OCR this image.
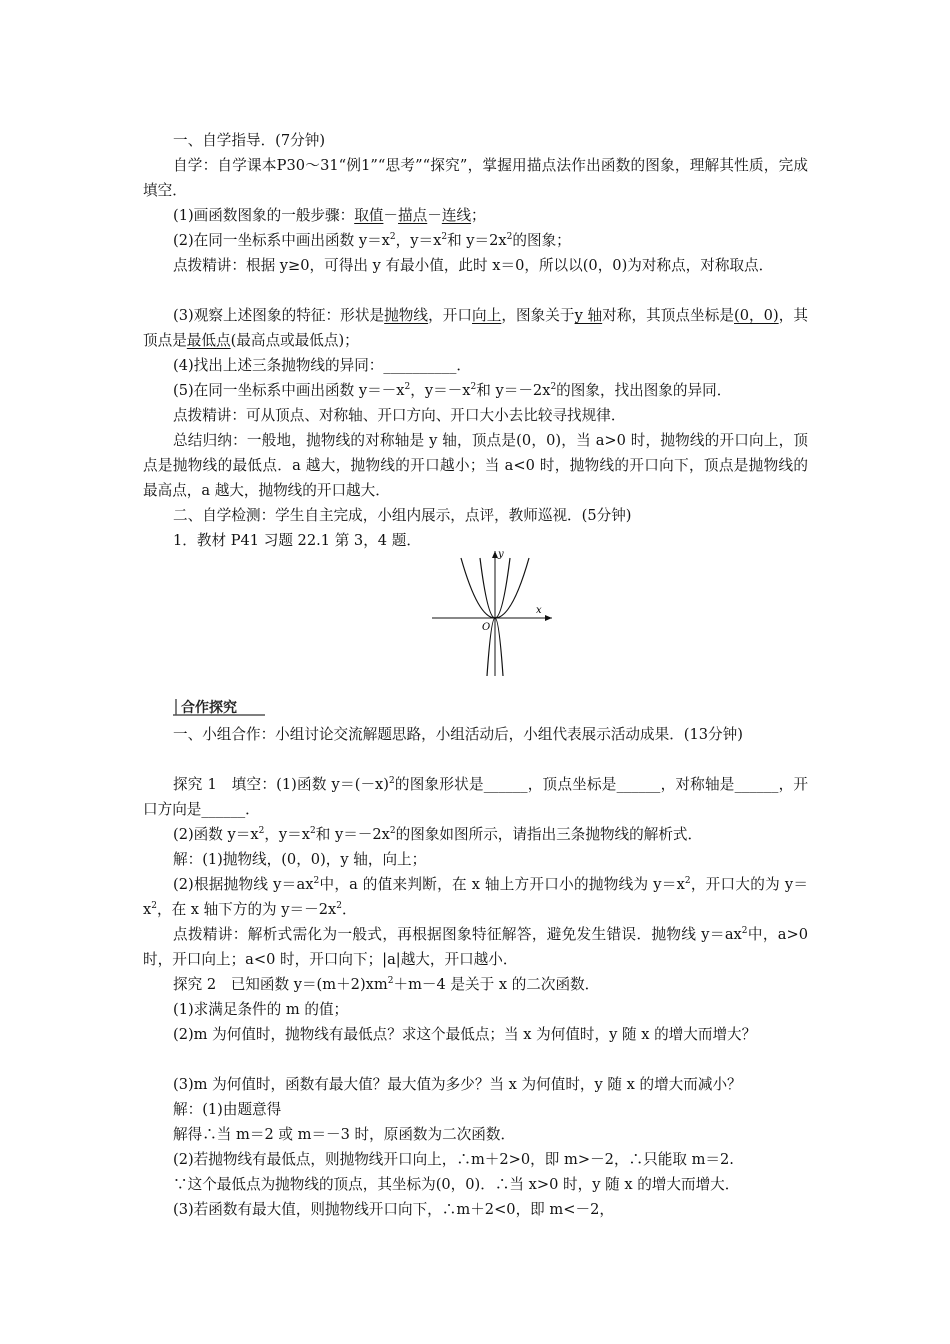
一、自学指导．(7分钟)
自学：自学课本P30～31“例1”“思考”“探究”，掌握用描点法作出函数的图象，理解其性质，完成填空．
(1)画函数图象的一般步骤：取值－描点－连线；
(2)在同一坐标系中画出函数 $y=x^2$，$y=x^2$和 $y=2x^2$的图象；
点拨精讲：根据 y≥0，可得出 y 有最小值，此时 x＝0，所以以(0，0)为对称点，对称取点．
(3)观察上述图象的特征：形状是抛物线，开口向上，图象关于y 轴对称，其顶点坐标是(0，0)，其顶点是最低点(最高点或最低点)；
(4)找出上述三条抛物线的异同：__________．
(5)在同一坐标系中画出函数 $y=-x^2$，$y=-x^2$和 $y=-2x^2$的图象，找出图象的异同．
点拨精讲：可从顶点、对称轴、开口方向、开口大小去比较寻找规律．
总结归纳：一般地，抛物线的对称轴是 y 轴，顶点是(0，0)，当 a>0 时，抛物线的开口向上，顶点是抛物线的最低点．a 越大，抛物线的开口越小；当 a<0 时，抛物线的开口向下，顶点是抛物线的最高点，a 越大，抛物线的开口越大．
二、自学检测：学生自主完成，小组内展示，点评，教师巡视．(5分钟)
1．教材 P41 习题 22.1 第 3，4 题．
y
x
O
合作探究
一、小组合作：小组讨论交流解题思路，小组活动后，小组代表展示活动成果．(13分钟)
探究 1　填空：(1)函数 $y=(-x)^2$的图象形状是______，顶点坐标是______，对称轴是______，开口方向是______．
(2)函数 $y=x^2$，$y=x^2$和 $y=-2x^2$的图象如图所示，请指出三条抛物线的解析式．
解：(1)抛物线，(0，0)，y 轴，向上；
(2)根据抛物线 $y=ax^2$中，a 的值来判断，在 x 轴上方开口小的抛物线为 $y=x^2$，开口大的为 $y=x^2$，在 x 轴下方的为 $y=-2x^2$．
点拨精讲：解析式需化为一般式，再根据图象特征解答，避免发生错误．抛物线 $y=ax^2$中，a>0 时，开口向上；a<0 时，开口向下；|a|越大，开口越小．
探究 2　已知函数 $y=(m+2)xm^2+m-4$ 是关于 x 的二次函数．
(1)求满足条件的 m 的值；
(2)m 为何值时，抛物线有最低点？求这个最低点；当 x 为何值时，y 随 x 的增大而增大？
(3)m 为何值时，函数有最大值？最大值为多少？当 x 为何值时，y 随 x 的增大而减小？
解：(1)由题意得
解得∴当 m＝2 或 m＝－3 时，原函数为二次函数．
(2)若抛物线有最低点，则抛物线开口向上，∴m＋2>0，即 m>－2，∴只能取 m＝2.
∵这个最低点为抛物线的顶点，其坐标为(0，0)．∴当 x>0 时，y 随 x 的增大而增大．
(3)若函数有最大值，则抛物线开口向下，∴m＋2<0，即 m<－2，
